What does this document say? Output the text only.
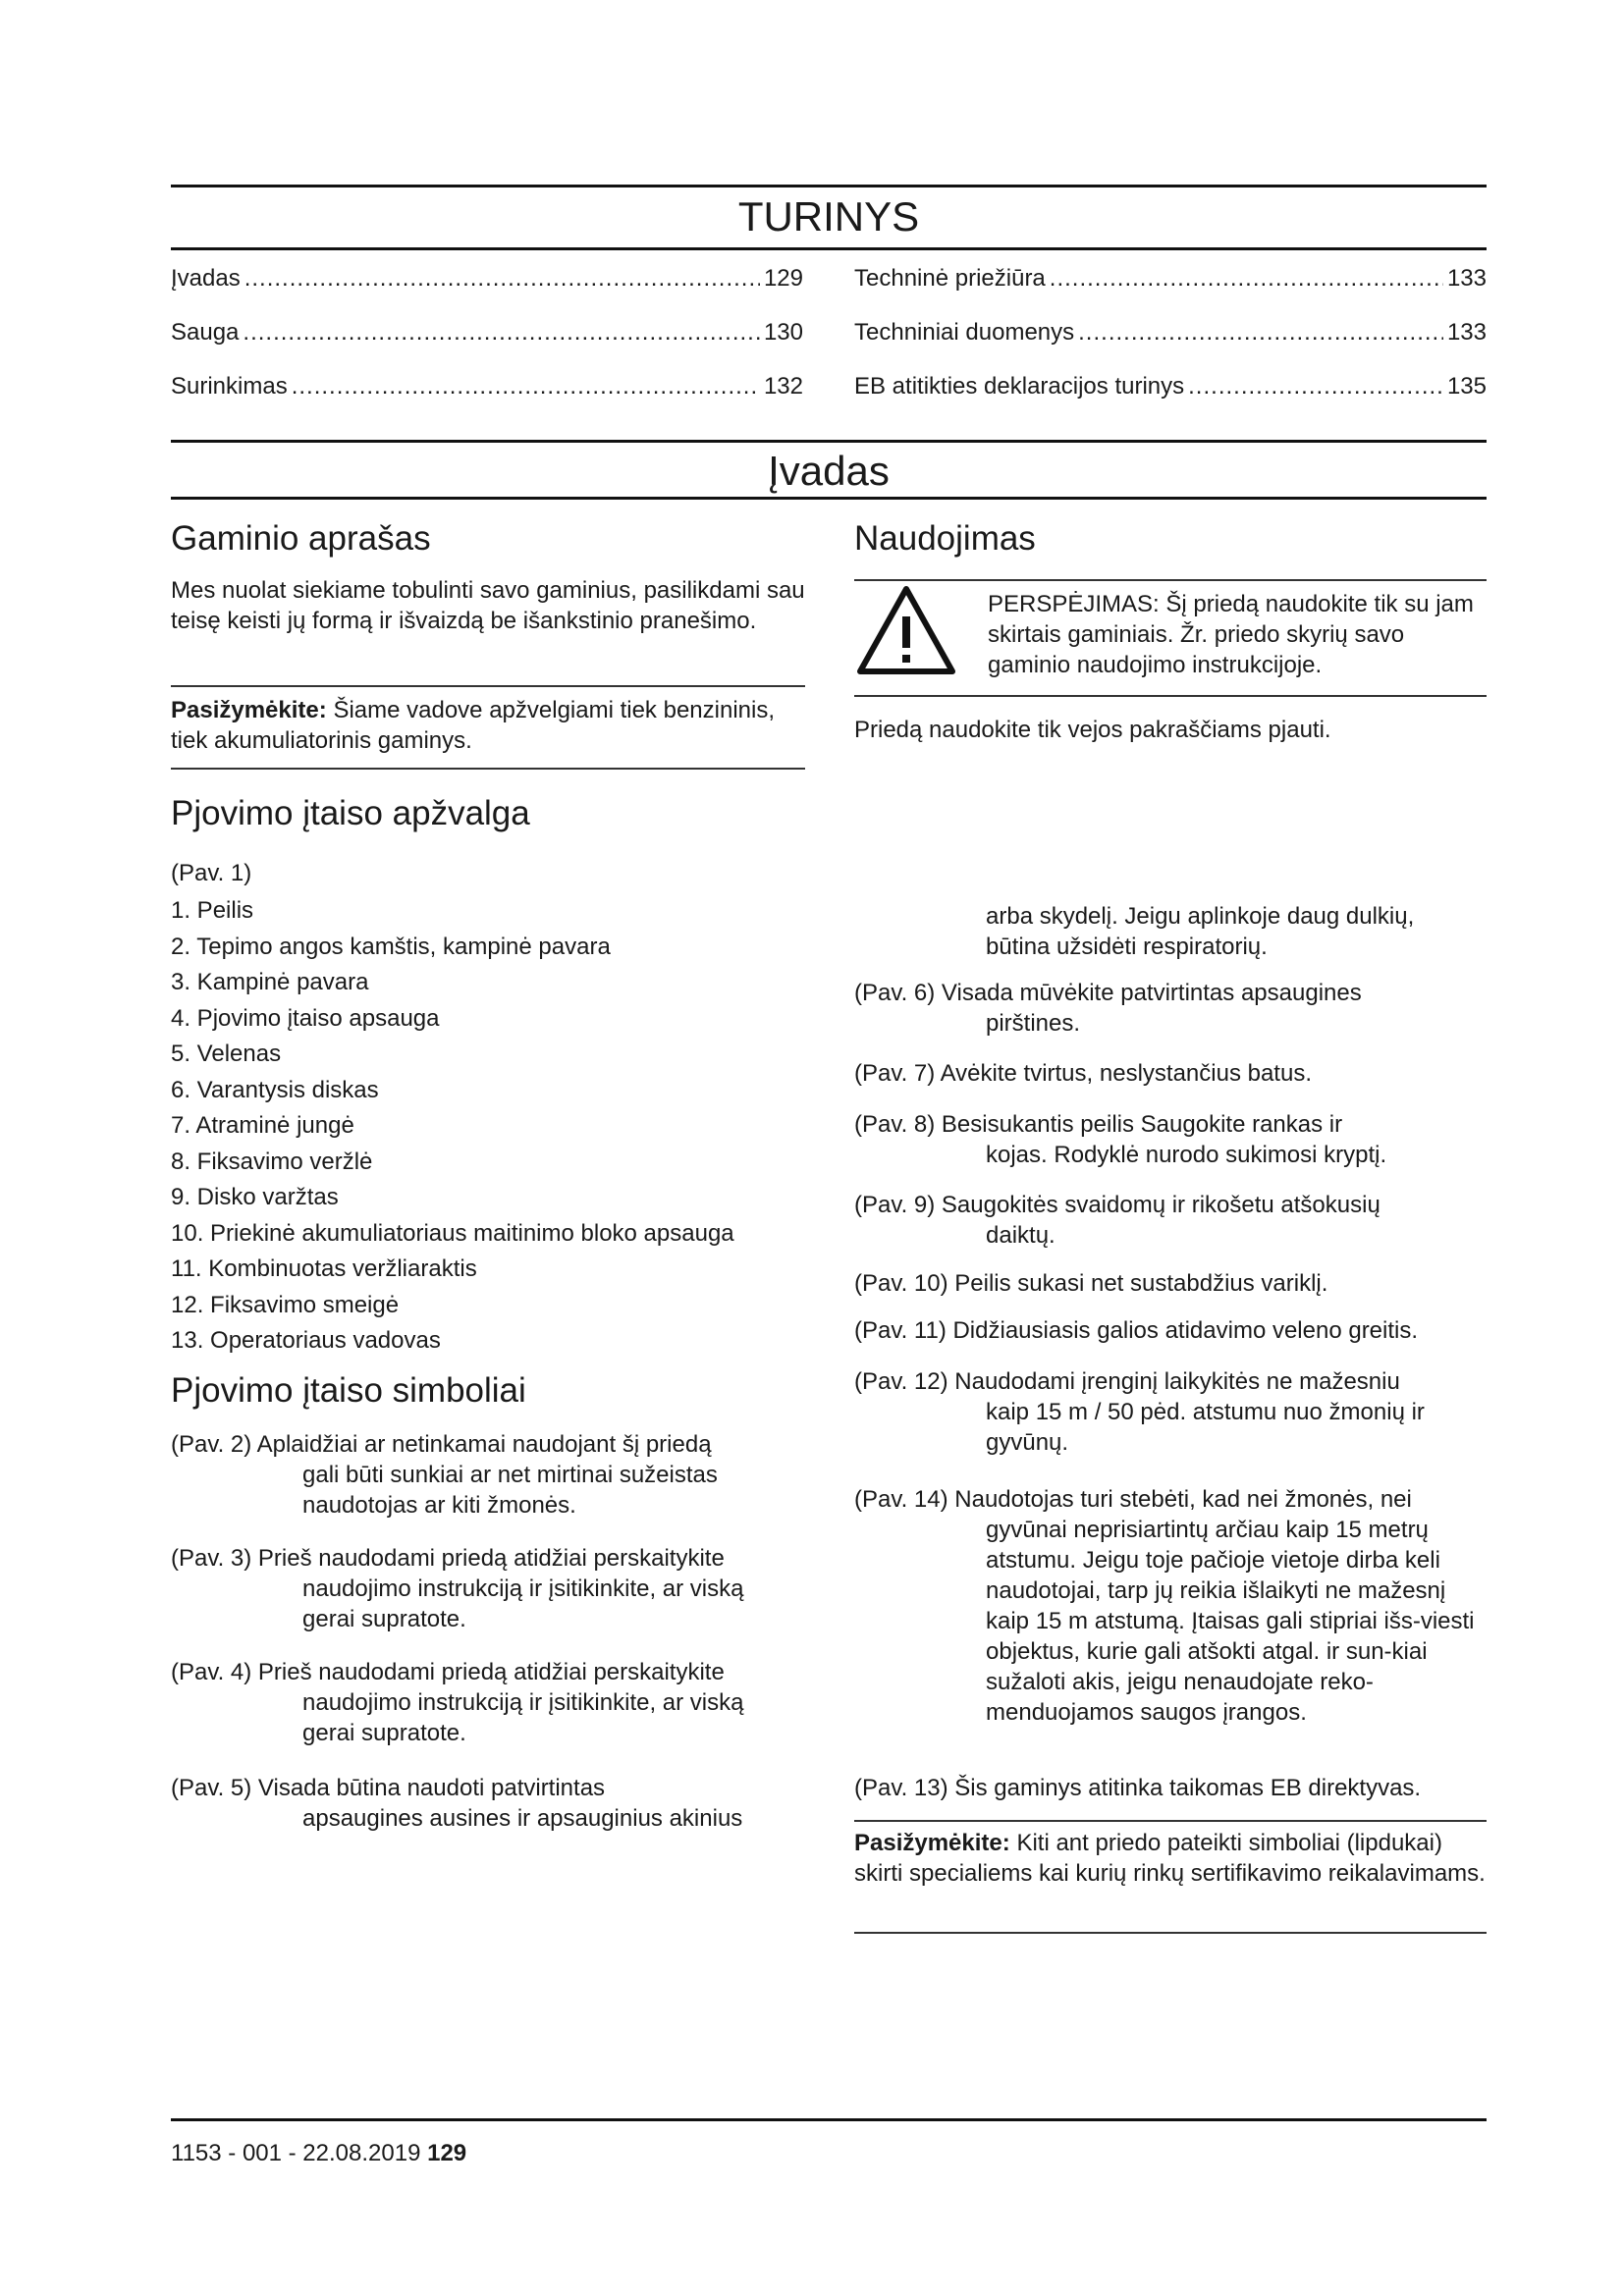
TURINYS
Įvadas .....	129
Sauga .....	130
Surinkimas .....	132
Techninė priežiūra .....	133
Techniniai duomenys .....	133
EB atitikties deklaracijos turinys .....	135
Įvadas
Gaminio aprašas
Mes nuolat siekiame tobulinti savo gaminius, pasilikdami sau teisę keisti jų formą ir išvaizdą be išankstinio pranešimo.
Pasižymėkite: Šiame vadove apžvelgiami tiek benzininis, tiek akumuliatorinis gaminys.
Naudojimas
PERSPĖJIMAS: Šį priedą naudokite tik su jam skirtais gaminiais. Žr. priedo skyrių savo gaminio naudojimo instrukcijoje.
Priedą naudokite tik vejos pakraščiams pjauti.
Pjovimo įtaiso apžvalga
(Pav. 1)
1. Peilis
2. Tepimo angos kamštis, kampinė pavara
3. Kampinė pavara
4. Pjovimo įtaiso apsauga
5. Velenas
6. Varantysis diskas
7. Atraminė jungė
8. Fiksavimo veržlė
9. Disko varžtas
10. Priekinė akumuliatoriaus maitinimo bloko apsauga
11. Kombinuotas veržliaraktis
12. Fiksavimo smeigė
13. Operatoriaus vadovas
Pjovimo įtaiso simboliai
(Pav. 2) Aplaidžiai ar netinkamai naudojant šį priedą
gali būti sunkiai ar net mirtinai sužeistas naudotojas ar kiti žmonės.
(Pav. 3) Prieš naudodami priedą atidžiai perskaitykite
naudojimo instrukciją ir įsitikinkite, ar viską gerai supratote.
(Pav. 4) Prieš naudodami priedą atidžiai perskaitykite
naudojimo instrukciją ir įsitikinkite, ar viską gerai supratote.
(Pav. 5) Visada būtina naudoti patvirtintas
apsaugines ausines ir apsauginius akinius
arba skydelį. Jeigu aplinkoje daug dulkių, būtina užsidėti respiratorių.
(Pav. 6) Visada mūvėkite patvirtintas apsaugines
pirštines.
(Pav. 7) Avėkite tvirtus, neslystančius batus.
(Pav. 8) Besisukantis peilis Saugokite rankas ir
kojas. Rodyklė nurodo sukimosi kryptį.
(Pav. 9) Saugokitės svaidomų ir rikošetu atšokusių
daiktų.
(Pav. 10) Peilis sukasi net sustabdžius variklį.
(Pav. 11) Didžiausiasis galios atidavimo veleno greitis.
(Pav. 12) Naudodami įrenginį laikykitės ne mažesniu
kaip 15 m / 50 pėd. atstumu nuo žmonių ir gyvūnų.
(Pav. 14) Naudotojas turi stebėti, kad nei žmonės, nei
gyvūnai neprisiartintų arčiau kaip 15 metrų atstumu. Jeigu toje pačioje vietoje dirba keli naudotojai, tarp jų reikia išlaikyti ne mažesnį kaip 15 m atstumą. Įtaisas gali stipriai išs-viesti objektus, kurie gali atšokti atgal. ir sun-kiai sužaloti akis, jeigu nenaudojate reko-menduojamos saugos įrangos.
(Pav. 13) Šis gaminys atitinka taikomas EB direktyvas.
Pasižymėkite: Kiti ant priedo pateikti simboliai (lipdukai) skirti specialiems kai kurių rinkų sertifikavimo reikalavimams.
1153 - 001 - 22.08.2019 129
